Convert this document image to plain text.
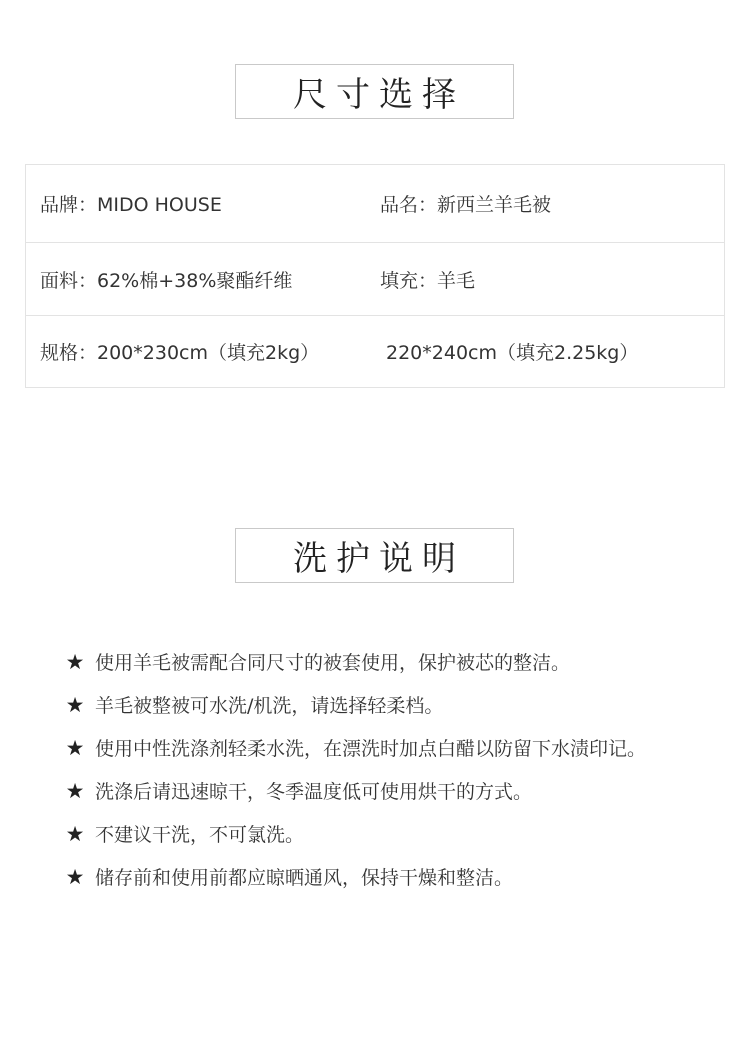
尺寸选择
品牌：MIDO HOUSE	品名：新西兰羊毛被
面料：62%棉+38%聚酯纤维	填充：羊毛
规格：200*230cm（填充2kg）	220*240cm（填充2.25kg）
洗护说明
★ 使用羊毛被需配合同尺寸的被套使用，保护被芯的整洁。
★ 羊毛被整被可水洗/机洗，请选择轻柔档。
★ 使用中性洗涤剂轻柔水洗，在漂洗时加点白醋以防留下水渍印记。
★ 洗涤后请迅速晾干，冬季温度低可使用烘干的方式。
★ 不建议干洗，不可氯洗。
★ 储存前和使用前都应晾晒通风，保持干燥和整洁。
